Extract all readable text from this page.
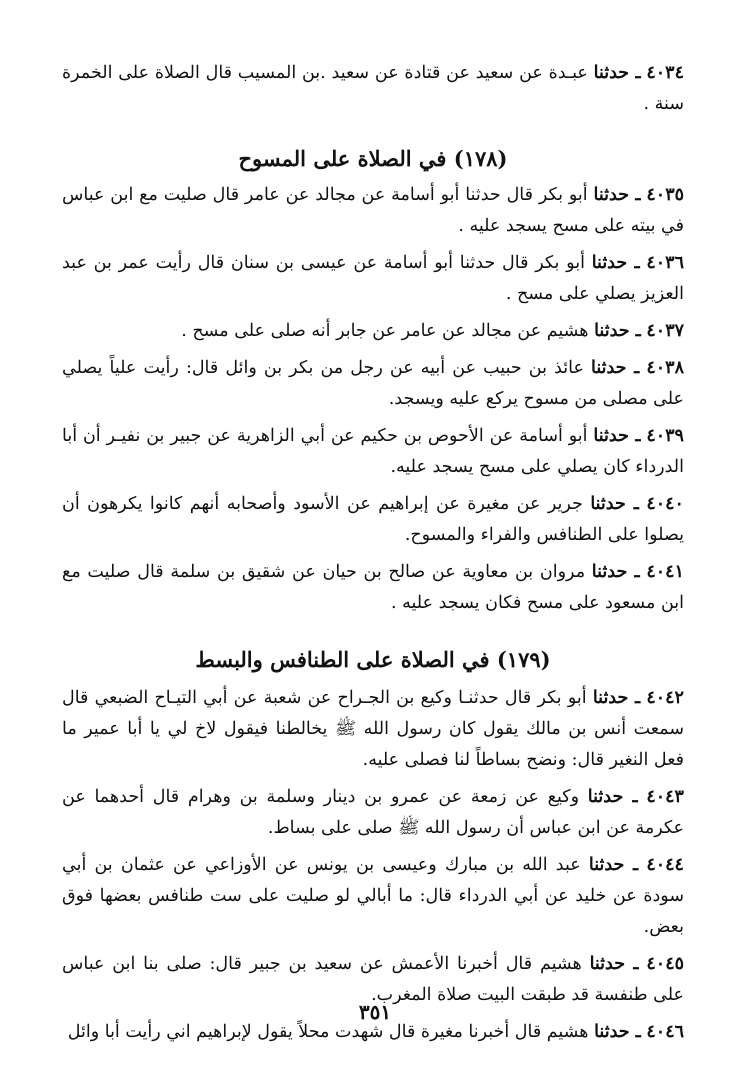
٤٠٣٤ ـ حدثنا عبـدة عن سعيد عن قتادة عن سعيد .بن المسيب قال الصلاة على الخمرة سنة .

(١٧٨) في الصلاة على المسوح

٤٠٣٥ ـ حدثنا أبو بكر قال حدثنا أبو أسامة عن مجالد عن عامر قال صليت مع ابن عباس في بيته على مسح يسجد عليه .

٤٠٣٦ ـ حدثنا أبو بكر قال حدثنا أبو أسامة عن عيسى بن سنان قال رأيت عمر بن عبد العزيز يصلي على مسح .

٤٠٣٧ ـ حدثنا هشيم عن مجالد عن عامر عن جابر أنه صلى على مسح .

٤٠٣٨ ـ حدثنا عائذ بن حبيب عن أبيه عن رجل من بكر بن وائل قال: رأيت علياً يصلي على مصلى من مسوح يركع عليه ويسجد.

٤٠٣٩ ـ حدثنا أبو أسامة عن الأحوص بن حكيم عن أبي الزاهرية عن جبير بن نفيـر أن أبا الدرداء كان يصلي على مسح يسجد عليه.

٤٠٤٠ ـ حدثنا جرير عن مغيرة عن إبراهيم عن الأسود وأصحابه أنهم كانوا يكرهون أن يصلوا على الطنافس والفراء والمسوح.

٤٠٤١ ـ حدثنا مروان بن معاوية عن صالح بن حيان عن شقيق بن سلمة قال صليت مع ابن مسعود على مسح فكان يسجد عليه .

(١٧٩) في الصلاة على الطنافس والبسط

٤٠٤٢ ـ حدثنا أبو بكر قال حدثنـا وكيع بن الجـراح عن شعبة عن أبي التيـاح الضبعي قال سمعت أنس بن مالك يقول كان رسول الله ﷺ يخالطنا فيقول لاخ لي يا أبا عمير ما فعل النغير قال: ونضح بساطاً لنا فصلى عليه.

٤٠٤٣ ـ حدثنا وكيع عن زمعة عن عمرو بن دينار وسلمة بن وهرام قال أحدهما عن عكرمة عن ابن عباس أن رسول الله ﷺ صلى على بساط.

٤٠٤٤ ـ حدثنا عبد الله بن مبارك وعيسى بن يونس عن الأوزاعي عن عثمان بن أبي سودة عن خليد عن أبي الدرداء قال: ما أبالي لو صليت على ست طنافس بعضها فوق بعض.

٤٠٤٥ ـ حدثنا هشيم قال أخبرنا الأعمش عن سعيد بن جبير قال: صلى بنا ابن عباس على طنفسة قد طبقت البيت صلاة المغرب.

٤٠٤٦ ـ حدثنا هشيم قال أخبرنا مغيرة قال شهدت محلاً يقول لإبراهيم اني رأيت أبا وائل

٣٥١
